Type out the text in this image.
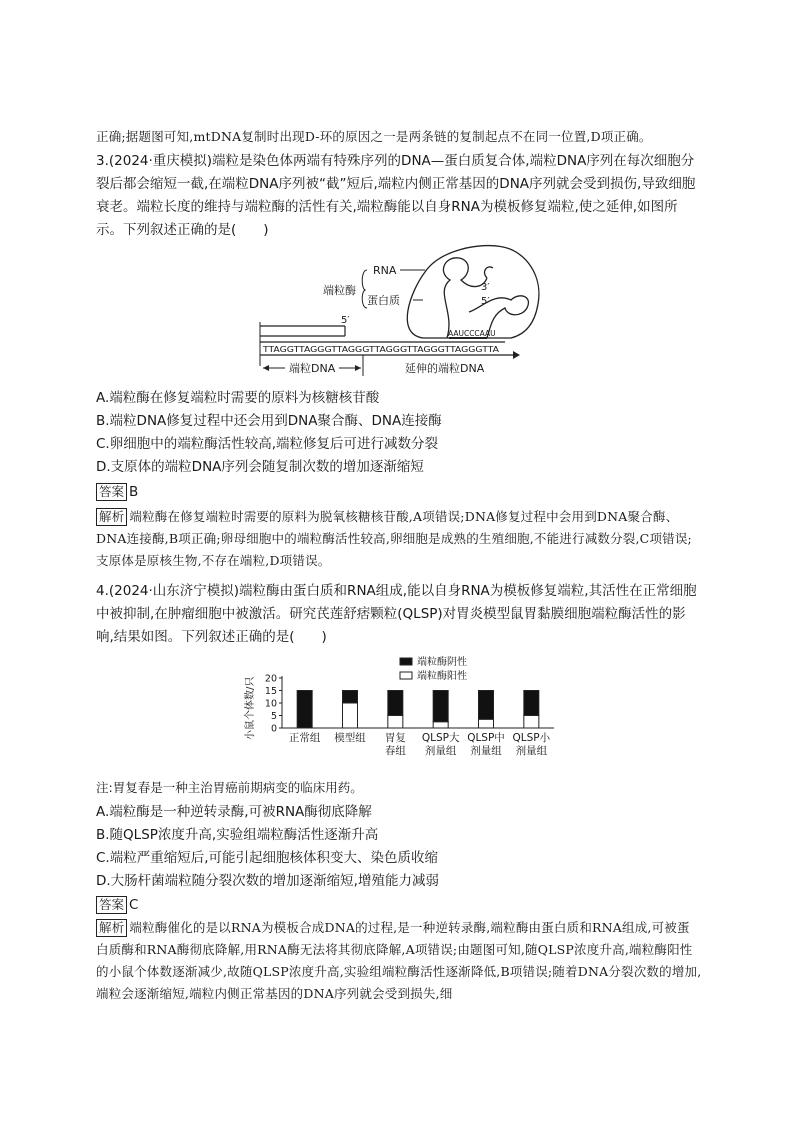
正确;据题图可知,mtDNA复制时出现D-环的原因之一是两条链的复制起点不在同一位置,D项正确。

3.(2024·重庆模拟)端粒是染色体两端有特殊序列的DNA—蛋白质复合体,端粒DNA序列在每次细胞分裂后都会缩短一截,在端粒DNA序列被“截”短后,端粒内侧正常基因的DNA序列就会受到损伤,导致细胞衰老。端粒长度的维持与端粒酶的活性有关,端粒酶能以自身RNA为模板修复端粒,使之延伸,如图所示。下列叙述正确的是(　　)

3′
5′
端粒酶
RNA
蛋白质
5′
AAUCCCAAU
TTAGGTTAGGGTTAGGGTTAGGGTTAGGGTTAGGGTTA
端粒DNA	延伸的端粒DNA
A.端粒酶在修复端粒时需要的原料为核糖核苷酸
B.端粒DNA修复过程中还会用到DNA聚合酶、DNA连接酶
C.卵细胞中的端粒酶活性较高,端粒修复后可进行减数分裂
D.支原体的端粒DNA序列会随复制次数的增加逐渐缩短
答案 B

解析 端粒酶在修复端粒时需要的原料为脱氧核糖核苷酸,A项错误;DNA修复过程中会用到DNA聚合酶、DNA连接酶,B项正确;卵母细胞中的端粒酶活性较高,卵细胞是成熟的生殖细胞,不能进行减数分裂,C项错误;支原体是原核生物,不存在端粒,D项错误。

4.(2024·山东济宁模拟)端粒酶由蛋白质和RNA组成,能以自身RNA为模板修复端粒,其活性在正常细胞中被抑制,在肿瘤细胞中被激活。研究芪莲舒痞颗粒(QLSP)对胃炎模型鼠胃黏膜细胞端粒酶活性的影响,结果如图。下列叙述正确的是(　　)

小鼠个体数/只 0
5
10
15
20
正常组 模型组 胃复
春组
QLSP大
剂量组
QLSP中
剂量组
QLSP小
剂量组
端粒酶阴性
端粒酶阳性
注:胃复春是一种主治胃癌前期病变的临床用药。
A.端粒酶是一种逆转录酶,可被RNA酶彻底降解
B.随QLSP浓度升高,实验组端粒酶活性逐渐升高
C.端粒严重缩短后,可能引起细胞核体积变大、染色质收缩
D.大肠杆菌端粒随分裂次数的增加逐渐缩短,增殖能力减弱
答案 C

解析 端粒酶催化的是以RNA为模板合成DNA的过程,是一种逆转录酶,端粒酶由蛋白质和RNA组成,可被蛋白质酶和RNA酶彻底降解,用RNA酶无法将其彻底降解,A项错误;由题图可知,随QLSP浓度升高,端粒酶阳性的小鼠个体数逐渐减少,故随QLSP浓度升高,实验组端粒酶活性逐渐降低,B项错误;随着DNA分裂次数的增加,端粒会逐渐缩短,端粒内侧正常基因的DNA序列就会受到损失,细
